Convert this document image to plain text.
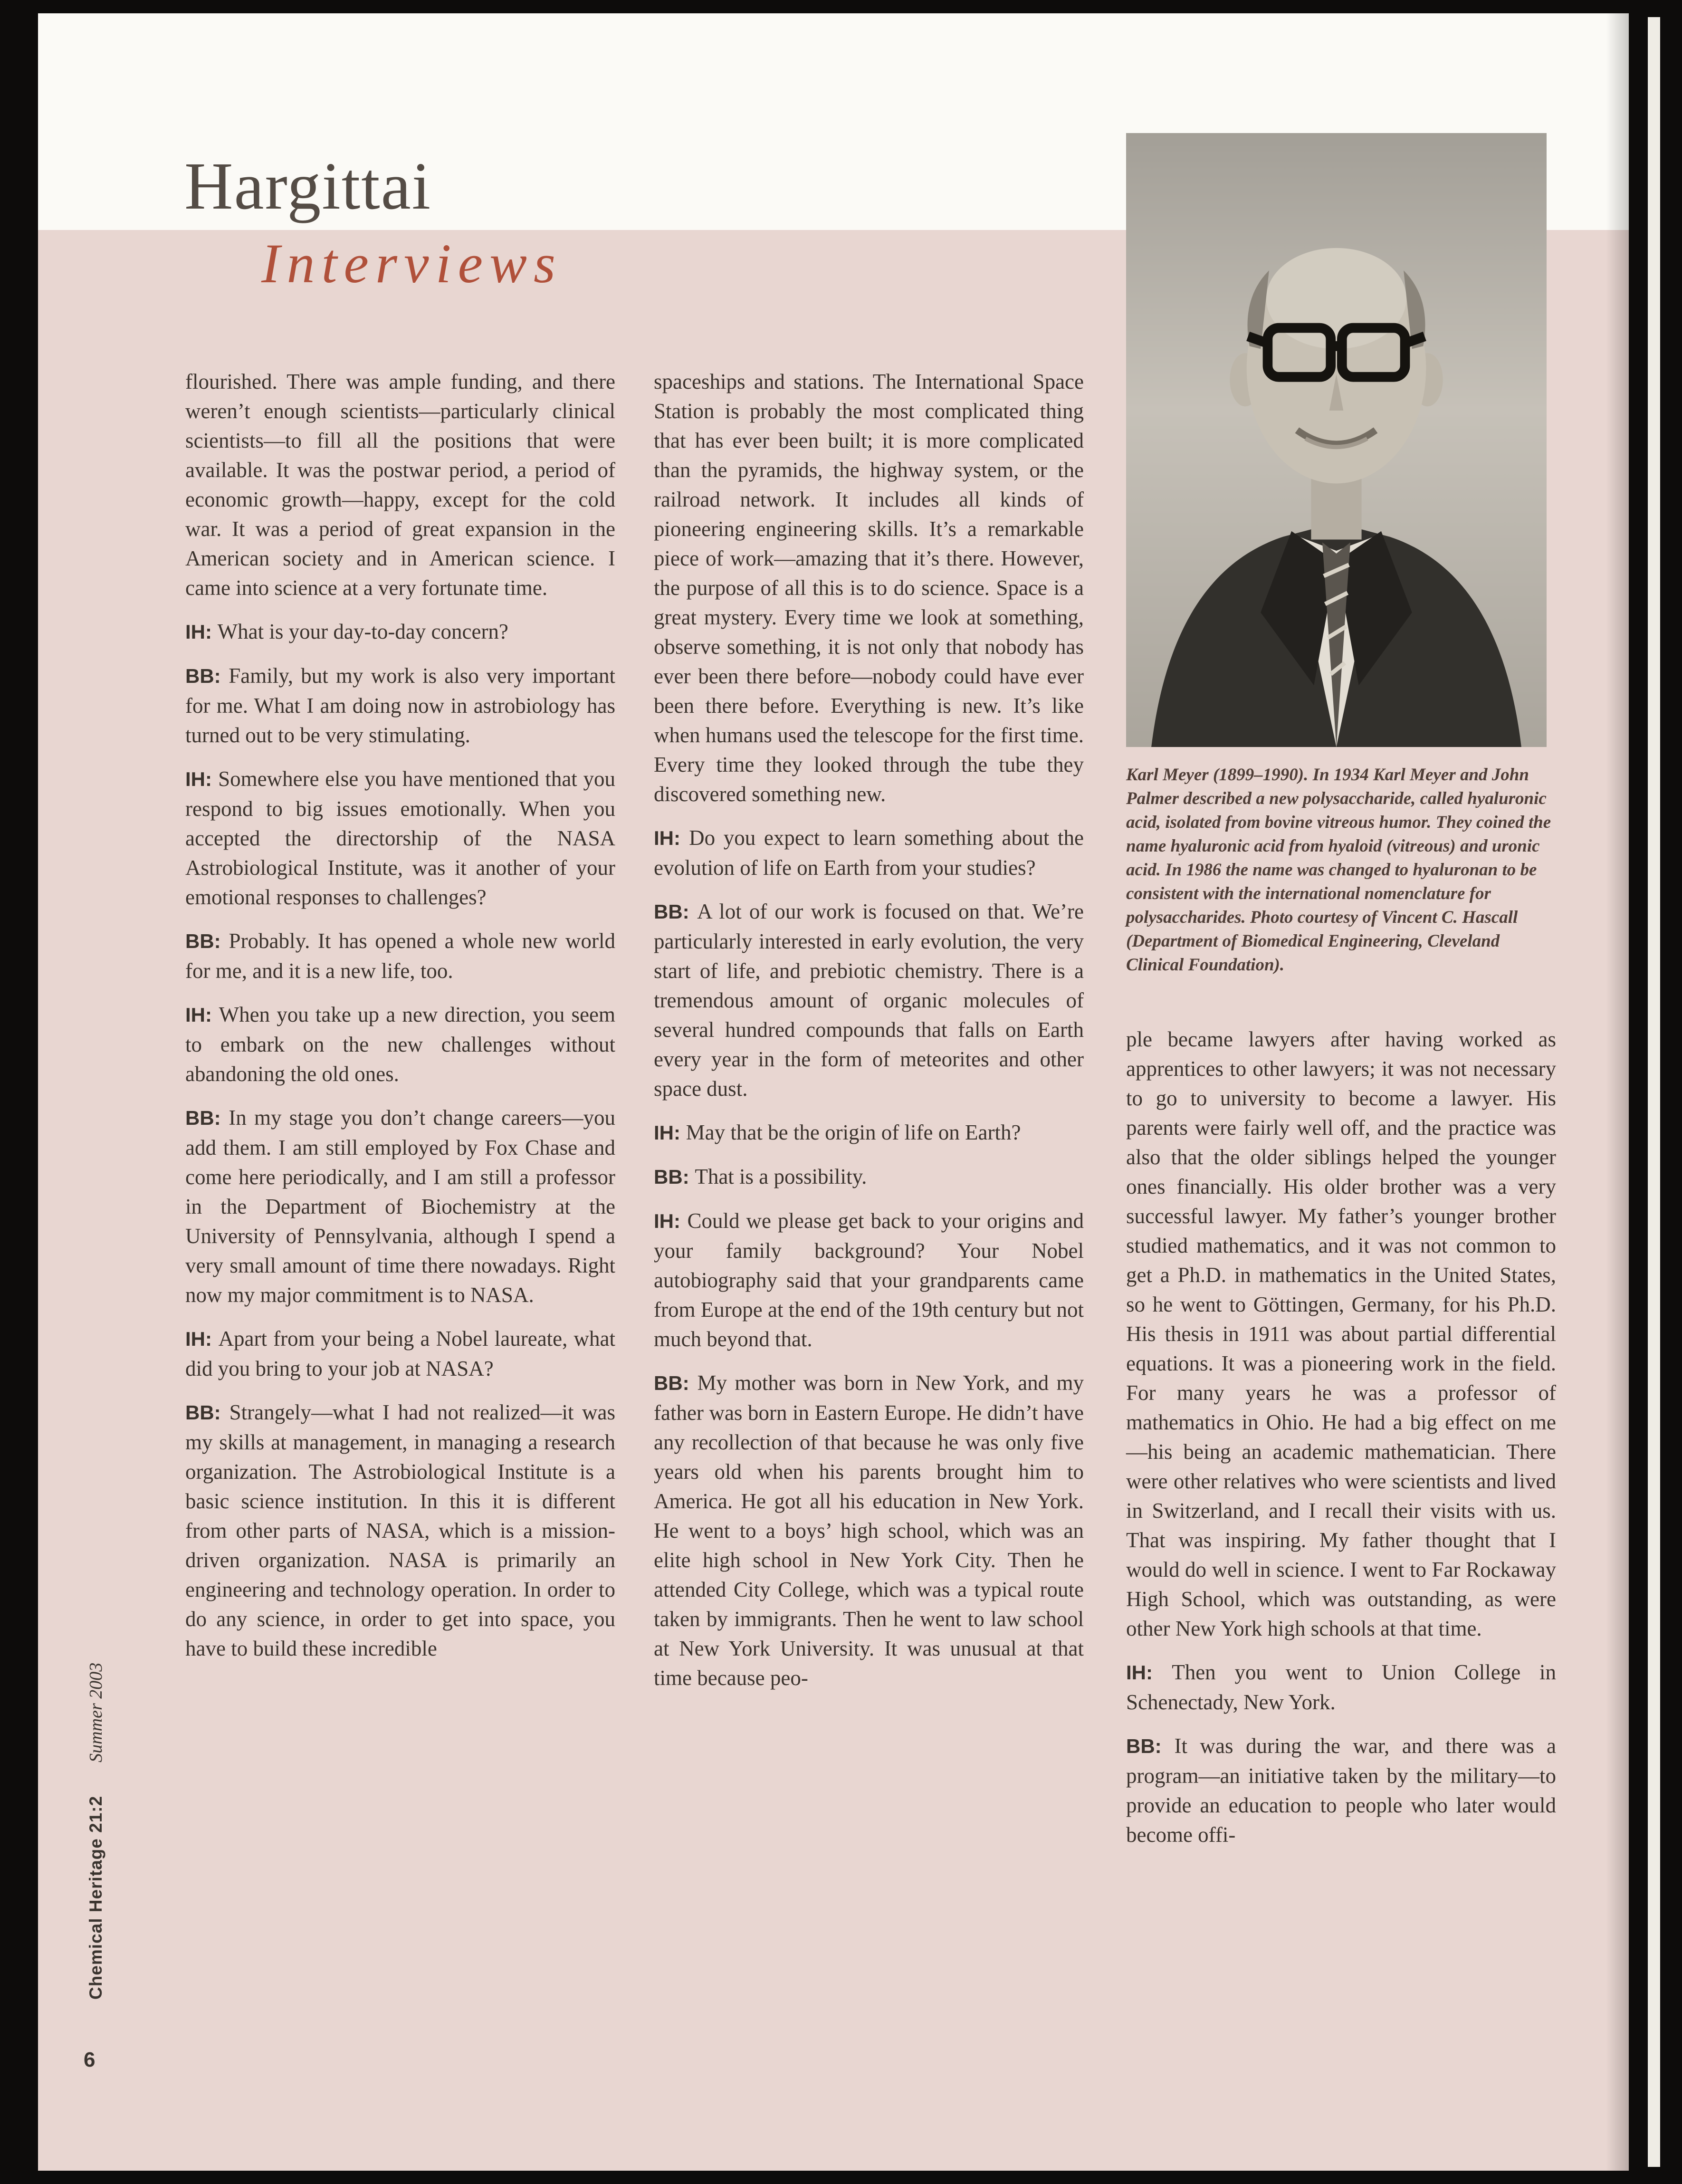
Hargittai
Interviews
Karl Meyer (1899–1990). In 1934 Karl Meyer and John Palmer described a new polysaccharide, called hyaluronic acid, isolated from bovine vitreous humor. They coined the name hyaluronic acid from hyaloid (vitreous) and uronic acid. In 1986 the name was changed to hyaluronan to be consistent with the international nomenclature for polysaccharides. Photo courtesy of Vincent C. Hascall (Department of Biomedical Engineering, Cleveland Clinical Foundation).

flourished. There was ample funding, and there weren’t enough scientists—particularly clinical scientists—to fill all the positions that were available. It was the postwar period, a period of economic growth—happy, except for the cold war. It was a period of great expansion in the American society and in American science. I came into science at a very fortunate time.

IH: What is your day-to-day concern?

BB: Family, but my work is also very important for me. What I am doing now in astrobiology has turned out to be very stimulating.

IH: Somewhere else you have mentioned that you respond to big issues emotionally. When you accepted the directorship of the NASA Astrobiological Institute, was it another of your emotional responses to challenges?

BB: Probably. It has opened a whole new world for me, and it is a new life, too.

IH: When you take up a new direction, you seem to embark on the new challenges without abandoning the old ones.

BB: In my stage you don’t change careers—you add them. I am still employed by Fox Chase and come here periodically, and I am still a professor in the Department of Biochemistry at the University of Pennsylvania, although I spend a very small amount of time there nowadays. Right now my major commitment is to NASA.

IH: Apart from your being a Nobel laureate, what did you bring to your job at NASA?

BB: Strangely—what I had not realized—it was my skills at management, in managing a research organization. The Astrobiological Institute is a basic science institution. In this it is different from other parts of NASA, which is a mission-driven organization. NASA is primarily an engineering and technology operation. In order to do any science, in order to get into space, you have to build these incredible

spaceships and stations. The International Space Station is probably the most complicated thing that has ever been built; it is more complicated than the pyramids, the highway system, or the railroad network. It includes all kinds of pioneering engineering skills. It’s a remarkable piece of work—amazing that it’s there. However, the purpose of all this is to do science. Space is a great mystery. Every time we look at something, observe something, it is not only that nobody has ever been there before—nobody could have ever been there before. Everything is new. It’s like when humans used the telescope for the first time. Every time they looked through the tube they discovered something new.

IH: Do you expect to learn something about the evolution of life on Earth from your studies?

BB: A lot of our work is focused on that. We’re particularly interested in early evolution, the very start of life, and prebiotic chemistry. There is a tremendous amount of organic molecules of several hundred compounds that falls on Earth every year in the form of meteorites and other space dust.

IH: May that be the origin of life on Earth?

BB: That is a possibility.

IH: Could we please get back to your origins and your family background? Your Nobel autobiography said that your grandparents came from Europe at the end of the 19th century but not much beyond that.

BB: My mother was born in New York, and my father was born in Eastern Europe. He didn’t have any recollection of that because he was only five years old when his parents brought him to America. He got all his education in New York. He went to a boys’ high school, which was an elite high school in New York City. Then he attended City College, which was a typical route taken by immigrants. Then he went to law school at New York University. It was unusual at that time because peo-

ple became lawyers after having worked as apprentices to other lawyers; it was not necessary to go to university to become a lawyer. His parents were fairly well off, and the practice was also that the older siblings helped the younger ones financially. His older brother was a very successful lawyer. My father’s younger brother studied mathematics, and it was not common to get a Ph.D. in mathematics in the United States, so he went to Göttingen, Germany, for his Ph.D. His thesis in 1911 was about partial differential equations. It was a pioneering work in the field. For many years he was a professor of mathematics in Ohio. He had a big effect on me—his being an academic mathematician. There were other relatives who were scientists and lived in Switzerland, and I recall their visits with us. That was inspiring. My father thought that I would do well in science. I went to Far Rockaway High School, which was outstanding, as were other New York high schools at that time.

IH: Then you went to Union College in Schenectady, New York.

BB: It was during the war, and there was a program—an initiative taken by the military—to provide an education to people who later would become offi-

Chemical Heritage 21:2Summer 2003
6
